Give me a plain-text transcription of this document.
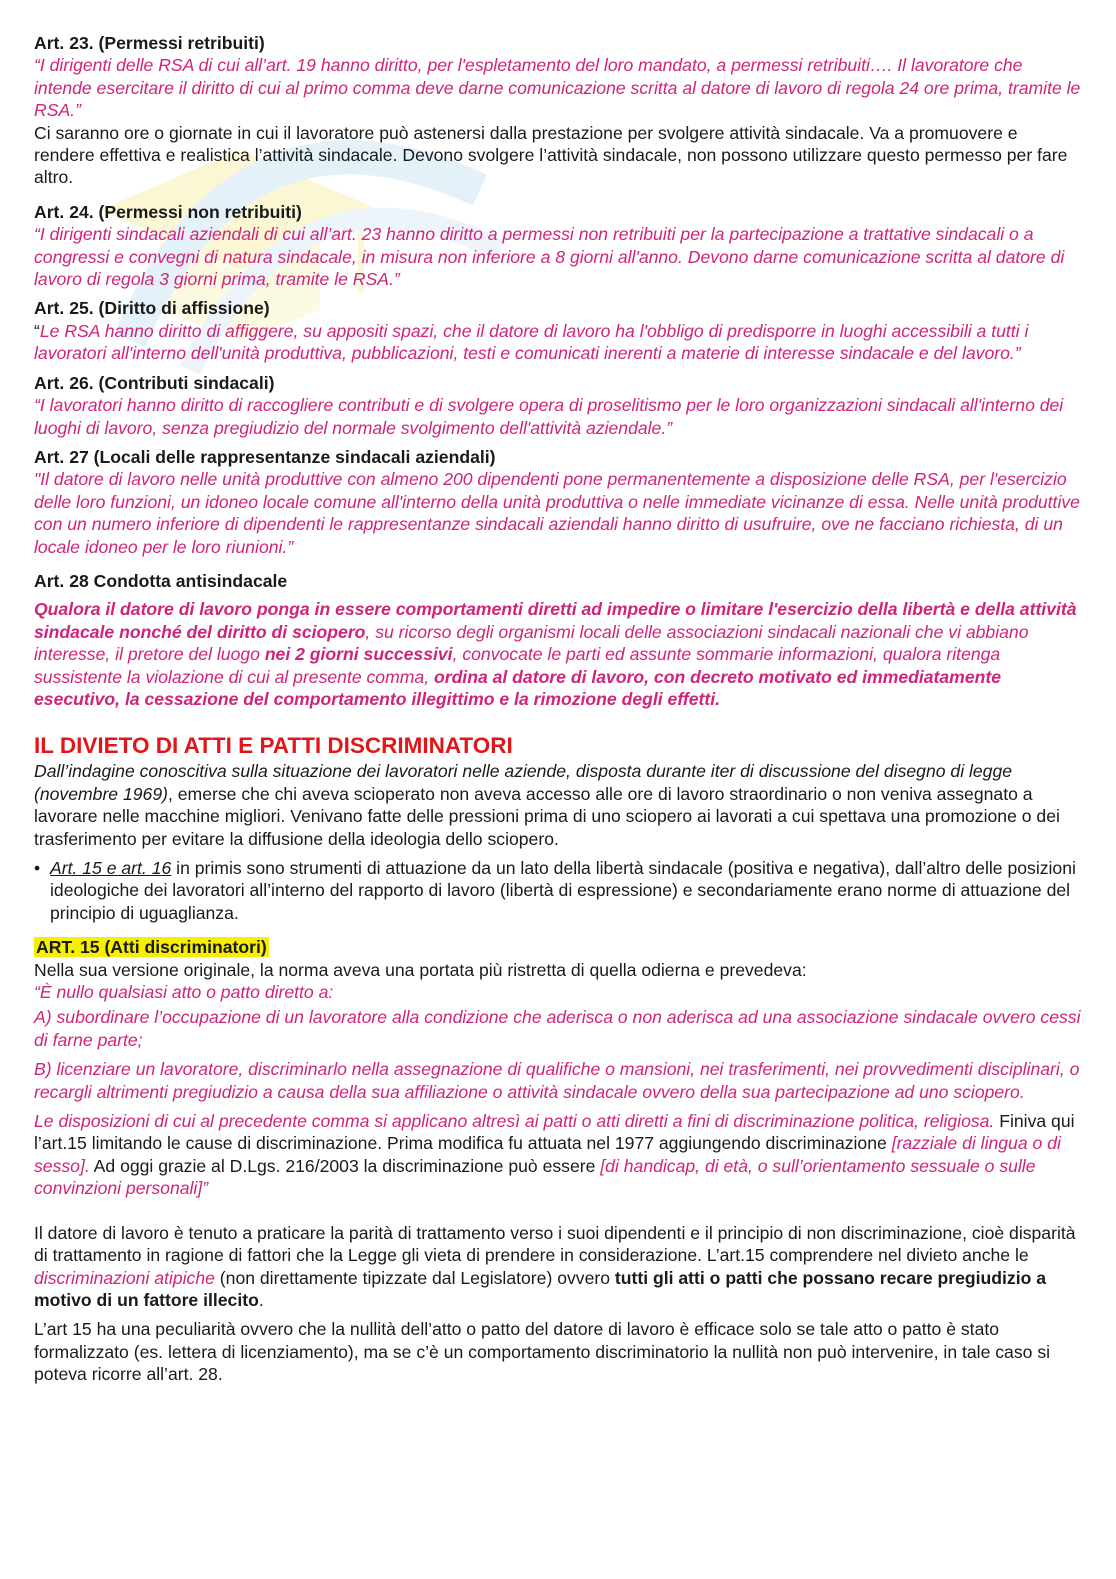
Art. 23. (Permessi retribuiti)

“I dirigenti delle RSA di cui all’art. 19 hanno diritto, per l'espletamento del loro mandato, a permessi retribuiti…. Il lavoratore che intende esercitare il diritto di cui al primo comma deve darne comunicazione scritta al datore di lavoro di regola 24 ore prima, tramite le RSA.”

Ci saranno ore o giornate in cui il lavoratore può astenersi dalla prestazione per svolgere attività sindacale. Va a promuovere e rendere effettiva e realistica l’attività sindacale. Devono svolgere l’attività sindacale, non possono utilizzare questo permesso per fare altro.

Art. 24. (Permessi non retribuiti)

“I dirigenti sindacali aziendali di cui all’art. 23 hanno diritto a permessi non retribuiti per la partecipazione a trattative sindacali o a congressi e convegni di natura sindacale, in misura non inferiore a 8 giorni all'anno. Devono darne comunicazione scritta al datore di lavoro di regola 3 giorni prima, tramite le RSA.”

Art. 25. (Diritto di affissione)

“Le RSA hanno diritto di affiggere, su appositi spazi, che il datore di lavoro ha l'obbligo di predisporre in luoghi accessibili a tutti i lavoratori all'interno dell'unità produttiva, pubblicazioni, testi e comunicati inerenti a materie di interesse sindacale e del lavoro.”

Art. 26. (Contributi sindacali)

“I lavoratori hanno diritto di raccogliere contributi e di svolgere opera di proselitismo per le loro organizzazioni sindacali all'interno dei luoghi di lavoro, senza pregiudizio del normale svolgimento dell'attività aziendale.”

Art. 27 (Locali delle rappresentanze sindacali aziendali)

"Il datore di lavoro nelle unità produttive con almeno 200 dipendenti pone permanentemente a disposizione delle RSA, per l'esercizio delle loro funzioni, un idoneo locale comune all'interno della unità produttiva o nelle immediate vicinanze di essa. Nelle unità produttive con un numero inferiore di dipendenti le rappresentanze sindacali aziendali hanno diritto di usufruire, ove ne facciano richiesta, di un locale idoneo per le loro riunioni.”

Art. 28 Condotta antisindacale

Qualora il datore di lavoro ponga in essere comportamenti diretti ad impedire o limitare l'esercizio della libertà e della attività sindacale nonché del diritto di sciopero, su ricorso degli organismi locali delle associazioni sindacali nazionali che vi abbiano interesse, il pretore del luogo nei 2 giorni successivi, convocate le parti ed assunte sommarie informazioni, qualora ritenga sussistente la violazione di cui al presente comma, ordina al datore di lavoro, con decreto motivato ed immediatamente esecutivo, la cessazione del comportamento illegittimo e la rimozione degli effetti.

IL DIVIETO DI ATTI E PATTI DISCRIMINATORI

Dall’indagine conoscitiva sulla situazione dei lavoratori nelle aziende, disposta durante iter di discussione del disegno di legge (novembre 1969), emerse che chi aveva scioperato non aveva accesso alle ore di lavoro straordinario o non veniva assegnato a lavorare nelle macchine migliori. Venivano fatte delle pressioni prima di uno sciopero ai lavorati a cui spettava una promozione o dei trasferimento per evitare la diffusione della ideologia dello sciopero.

• Art. 15 e art. 16 in primis sono strumenti di attuazione da un lato della libertà sindacale (positiva e negativa), dall’altro delle posizioni ideologiche dei lavoratori all’interno del rapporto di lavoro (libertà di espressione) e secondariamente erano norme di attuazione del principio di uguaglianza.

ART. 15 (Atti discriminatori)

Nella sua versione originale, la norma aveva una portata più ristretta di quella odierna e prevedeva:

“È nullo qualsiasi atto o patto diretto a:

A) subordinare l’occupazione di un lavoratore alla condizione che aderisca o non aderisca ad una associazione sindacale ovvero cessi di farne parte;

B) licenziare un lavoratore, discriminarlo nella assegnazione di qualifiche o mansioni, nei trasferimenti, nei provvedimenti disciplinari, o recargli altrimenti pregiudizio a causa della sua affiliazione o attività sindacale ovvero della sua partecipazione ad uno sciopero.

Le disposizioni di cui al precedente comma si applicano altresì ai patti o atti diretti a fini di discriminazione politica, religiosa. Finiva qui l’art.15 limitando le cause di discriminazione. Prima modifica fu attuata nel 1977 aggiungendo discriminazione [razziale di lingua o di sesso]. Ad oggi grazie al D.Lgs. 216/2003 la discriminazione può essere [di handicap, di età, o sull’orientamento sessuale o sulle convinzioni personali]”

Il datore di lavoro è tenuto a praticare la parità di trattamento verso i suoi dipendenti e il principio di non discriminazione, cioè disparità di trattamento in ragione di fattori che la Legge gli vieta di prendere in considerazione. L’art.15 comprendere nel divieto anche le discriminazioni atipiche (non direttamente tipizzate dal Legislatore) ovvero tutti gli atti o patti che possano recare pregiudizio a motivo di un fattore illecito.

L’art 15 ha una peculiarità ovvero che la nullità dell’atto o patto del datore di lavoro è efficace solo se tale atto o patto è stato formalizzato (es. lettera di licenziamento), ma se c’è un comportamento discriminatorio la nullità non può intervenire, in tale caso si poteva ricorre all’art. 28.
